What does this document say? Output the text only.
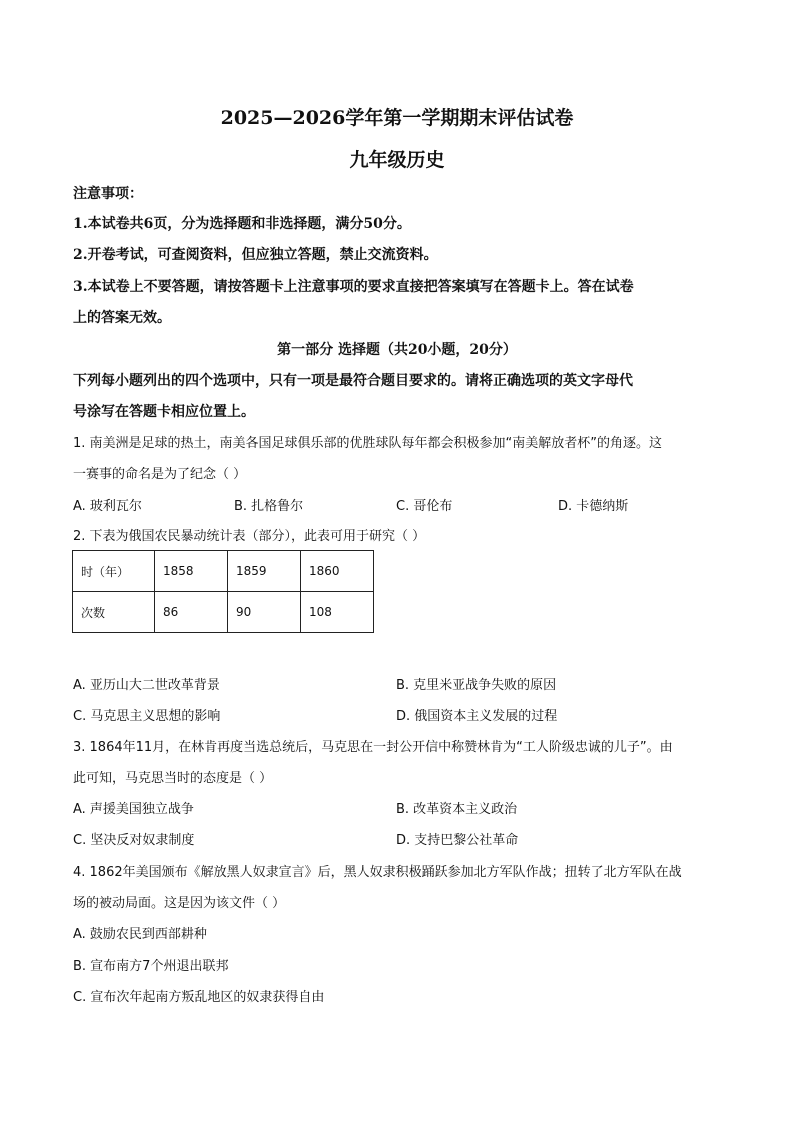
2025—2026学年第一学期期末评估试卷
九年级历史
注意事项：
1.本试卷共6页，分为选择题和非选择题，满分50分。
2.开卷考试，可查阅资料，但应独立答题，禁止交流资料。
3.本试卷上不要答题，请按答题卡上注意事项的要求直接把答案填写在答题卡上。答在试卷
上的答案无效。
第一部分 选择题（共20小题，20分）
下列每小题列出的四个选项中，只有一项是最符合题目要求的。请将正确选项的英文字母代
号涂写在答题卡相应位置上。
1. 南美洲是足球的热土，南美各国足球俱乐部的优胜球队每年都会积极参加“南美解放者杯”的角逐。这
一赛事的命名是为了纪念（ ）
A. 玻利瓦尔	B. 扎格鲁尔	C. 哥伦布	D. 卡德纳斯
2. 下表为俄国农民暴动统计表（部分），此表可用于研究（ ）
时（年）	1858	1859	1860
次数	86	90	108
A. 亚历山大二世改革背景	B. 克里米亚战争失败的原因
C. 马克思主义思想的影响	D. 俄国资本主义发展的过程
3. 1864年11月，在林肯再度当选总统后，马克思在一封公开信中称赞林肯为“工人阶级忠诚的儿子”。由
此可知，马克思当时的态度是（ ）
A. 声援美国独立战争	B. 改革资本主义政治
C. 坚决反对奴隶制度	D. 支持巴黎公社革命
4. 1862年美国颁布《解放黑人奴隶宣言》后，黑人奴隶积极踊跃参加北方军队作战；扭转了北方军队在战
场的被动局面。这是因为该文件（ ）
A. 鼓励农民到西部耕种
B. 宣布南方7个州退出联邦
C. 宣布次年起南方叛乱地区的奴隶获得自由
